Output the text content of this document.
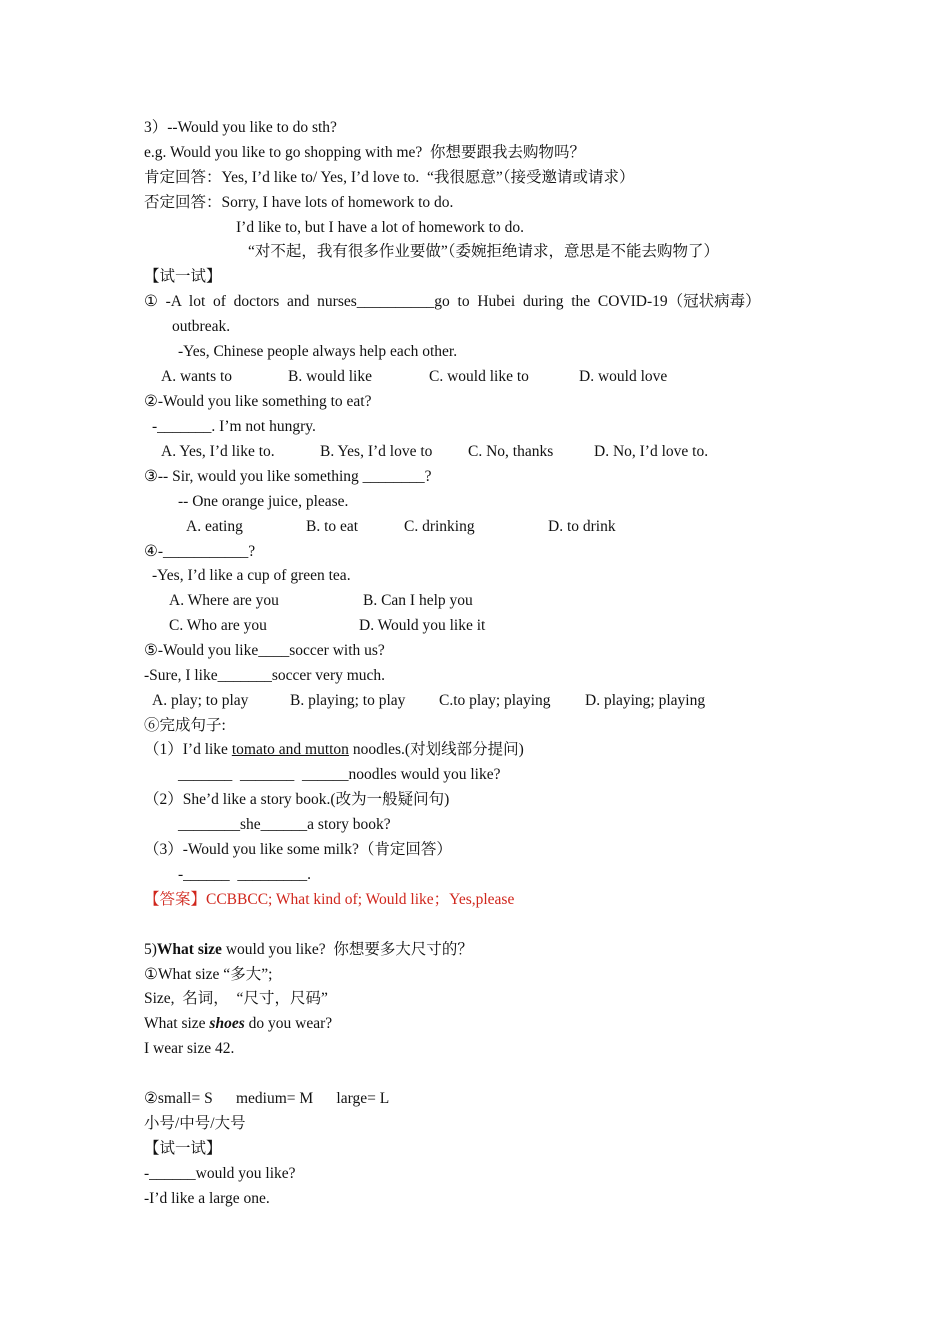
3）--Would you like to do sth?
e.g. Would you like to go shopping with me?  你想要跟我去购物吗？
肯定回答：Yes, I’d like to/ Yes, I’d love to.  “我很愿意”（接受邀请或请求）
否定回答：Sorry, I have lots of homework to do.
I’d like to, but I have a lot of homework to do.
“对不起，我有很多作业要做”（委婉拒绝请求，意思是不能去购物了）
【试一试】
①  -A  lot  of  doctors  and  nurses__________go  to  Hubei  during  the  COVID-19（冠状病毒）
outbreak.
-Yes, Chinese people always help each other.
A. wants to	B. would like	C. would like to	D. would love
②-Would you like something to eat?
-_______. I’m not hungry.
A. Yes, I’d like to.	B. Yes, I’d love to C. No, thanks	D. No, I’d love to.
③-- Sir, would you like something ________?
-- One orange juice, please.
A. eating	B. to eat	C. drinking	D. to drink
④-___________?
-Yes, I’d like a cup of green tea.
A. Where are you	B. Can I help you
C. Who are you	D. Would you like it
⑤-Would you like____soccer with us?
-Sure, I like_______soccer very much.
A. play; to play	B. playing; to play C.to play; playing D. playing; playing
⑥完成句子:
（1）I’d like tomato and mutton noodles.(对划线部分提问)
_______  _______  ______noodles would you like?
（2）She’d like a story book.(改为一般疑问句)
________she______a story book?
（3）-Would you like some milk?（肯定回答）
-______  _________.
【答案】CCBBCC; What kind of; Would like；Yes,please
5)What size would you like?  你想要多大尺寸的？
①What size “多大”;
Size,  名词，  “尺寸，尺码”
What size shoes do you wear?
I wear size 42.
②small= S      medium= M      large= L
小号/中号/大号
【试一试】
-______would you like?
-I’d like a large one.
